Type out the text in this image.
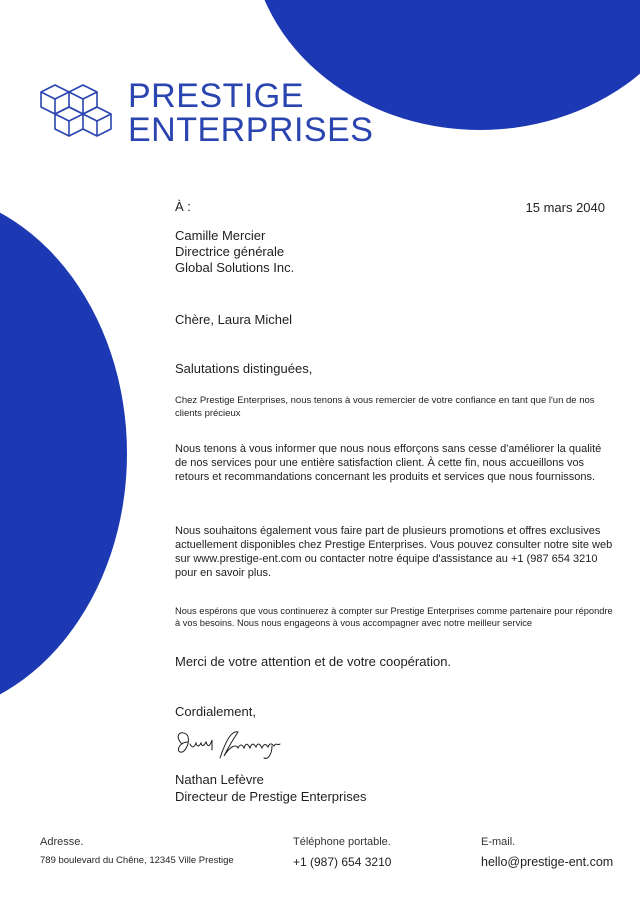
PRESTIGE
ENTERPRISES
À :	15 mars 2040
Camille Mercier
Directrice générale
Global Solutions Inc.
Chère, Laura Michel
Salutations distinguées,
Chez Prestige Enterprises, nous tenons à vous remercier de votre confiance en tant que l'un de nos clients précieux
Nous tenons à vous informer que nous nous efforçons sans cesse d'améliorer la qualité de nos services pour une entière satisfaction client. À cette fin, nous accueillons vos retours et recommandations concernant les produits et services que nous fournissons.
Nous souhaitons également vous faire part de plusieurs promotions et offres exclusives actuellement disponibles chez Prestige Enterprises. Vous pouvez consulter notre site web sur www.prestige-ent.com ou contacter notre équipe d'assistance au +1 (987 654 3210 pour en savoir plus.
Nous espérons que vous continuerez à compter sur Prestige Enterprises comme partenaire pour répondre à vos besoins. Nous nous engageons à vous accompagner avec notre meilleur service
Merci de votre attention et de votre coopération.
Cordialement,
Nathan Lefèvre
Directeur de Prestige Enterprises
Adresse.
789 boulevard du Chêne, 12345 Ville Prestige
Téléphone portable.
+1 (987) 654 3210
E-mail.
hello@prestige-ent.com
